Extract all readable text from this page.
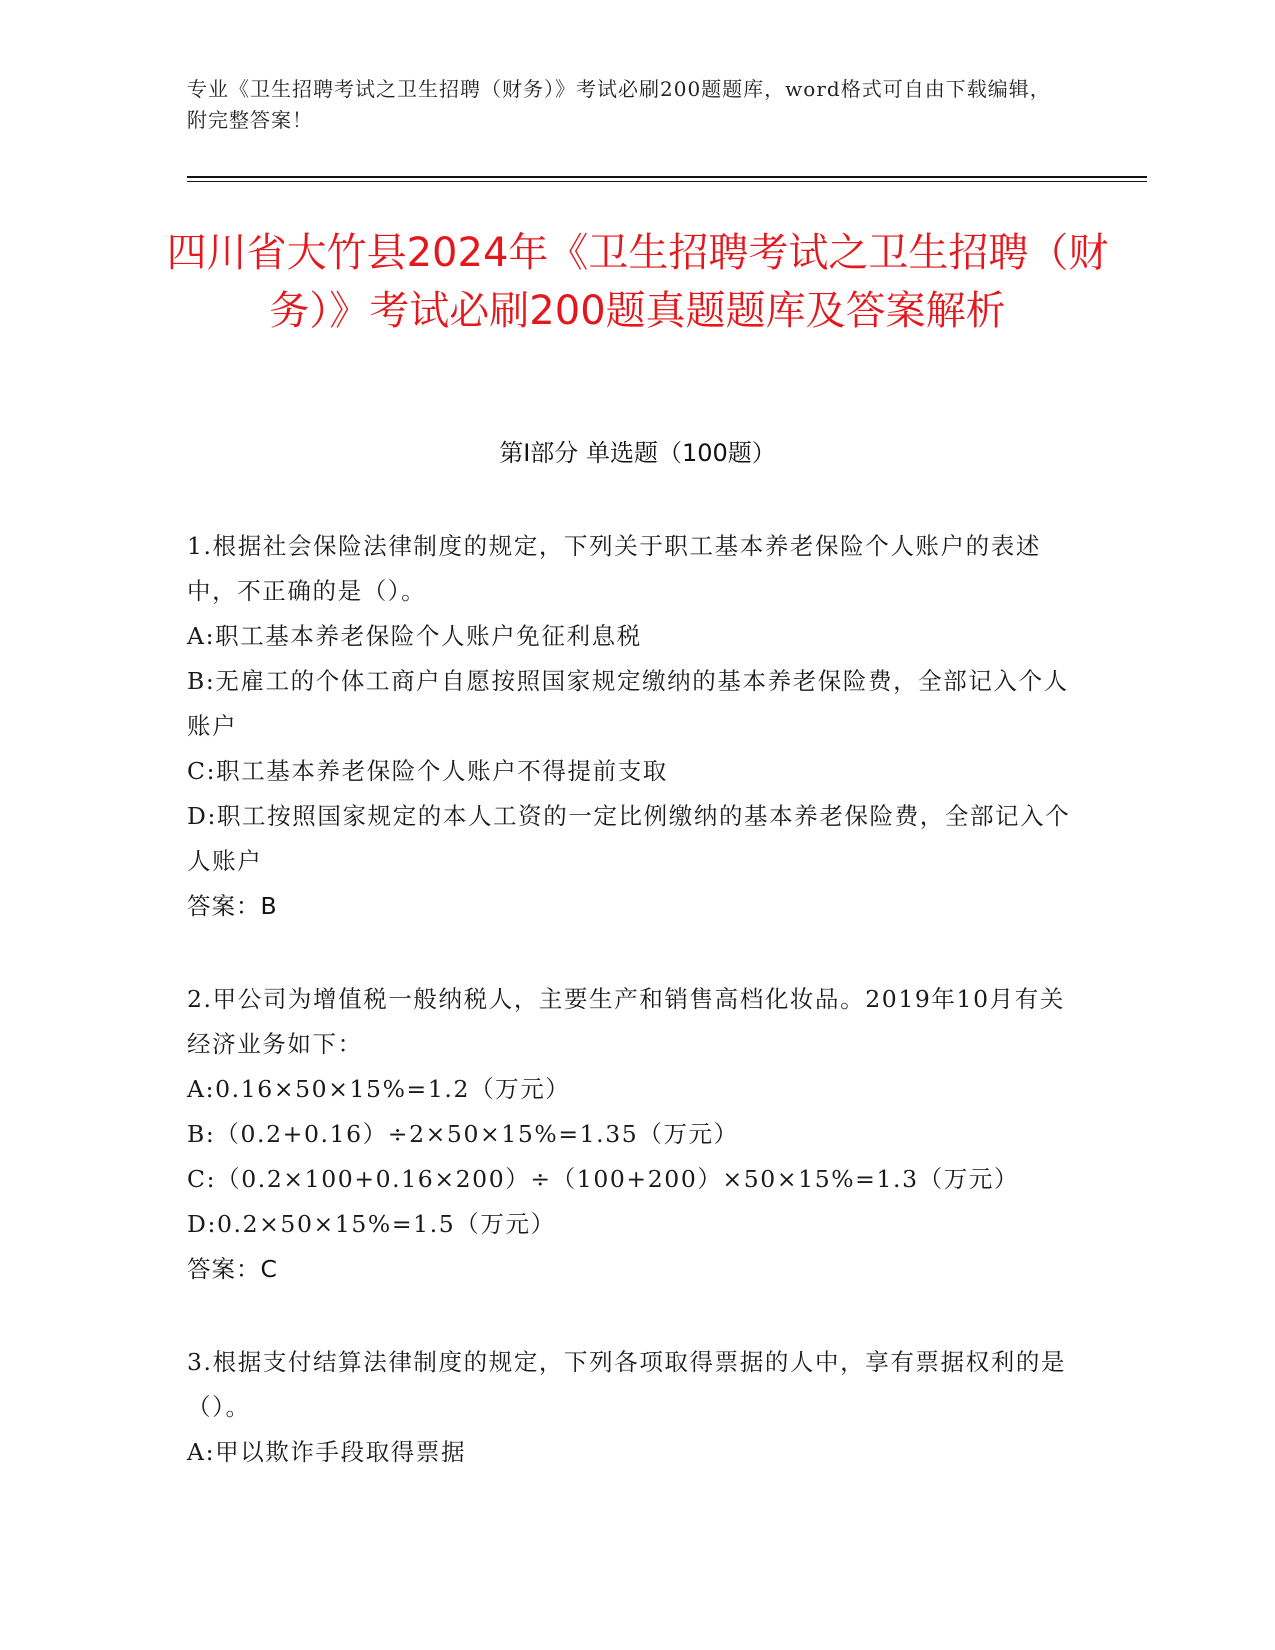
专业《卫生招聘考试之卫生招聘（财务）》考试必刷200题题库，word格式可自由下载编辑，附完整答案！
四川省大竹县2024年《卫生招聘考试之卫生招聘（财务）》考试必刷200题真题题库及答案解析
第Ⅰ部分 单选题（100题）
1.根据社会保险法律制度的规定，下列关于职工基本养老保险个人账户的表述中，不正确的是（）。
A:职工基本养老保险个人账户免征利息税
B:无雇工的个体工商户自愿按照国家规定缴纳的基本养老保险费，全部记入个人账户
C:职工基本养老保险个人账户不得提前支取
D:职工按照国家规定的本人工资的一定比例缴纳的基本养老保险费，全部记入个人账户
答案：B
2.甲公司为增值税一般纳税人，主要生产和销售高档化妆品。2019年10月有关经济业务如下：
A:0.16×50×15%=1.2（万元）
B:（0.2+0.16）÷2×50×15%=1.35（万元）
C:（0.2×100+0.16×200）÷（100+200）×50×15%=1.3（万元）
D:0.2×50×15%=1.5（万元）
答案：C
3.根据支付结算法律制度的规定，下列各项取得票据的人中，享有票据权利的是（）。
A:甲以欺诈手段取得票据
